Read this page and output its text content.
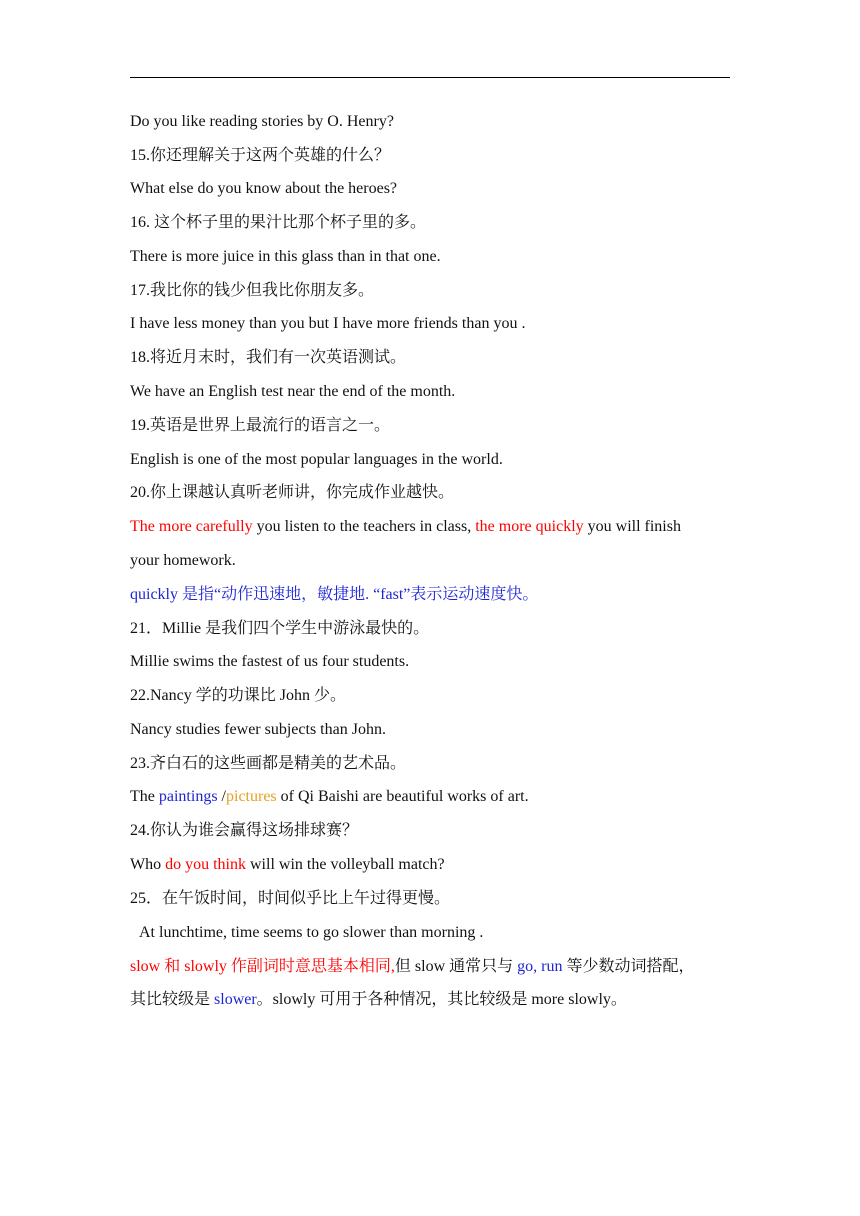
Do you like reading stories by O. Henry?
15.你还理解关于这两个英雄的什么？
What else do you know about the heroes?
16. 这个杯子里的果汁比那个杯子里的多。
There is more juice in this glass than in that one.
17.我比你的钱少但我比你朋友多。
I have less money than you but I have more friends than you .
18.将近月末时，我们有一次英语测试。
We have an English test near the end of the month.
19.英语是世界上最流行的语言之一。
English is one of the most popular languages in the world.
20.你上课越认真听老师讲，你完成作业越快。
The more carefully you listen to the teachers in class, the more quickly you will finish
your homework.
quickly 是指“动作迅速地，敏捷地. “fast”表示运动速度快。
21．Millie 是我们四个学生中游泳最快的。
Millie swims the fastest of us four students.
22.Nancy 学的功课比 John 少。
Nancy studies fewer subjects than John.
23.齐白石的这些画都是精美的艺术品。
The paintings /pictures of Qi Baishi are beautiful works of art.
24.你认为谁会赢得这场排球赛？
Who do you think will win the volleyball match?
25．在午饭时间，时间似乎比上午过得更慢。
At lunchtime, time seems to go slower than morning .
slow 和 slowly 作副词时意思基本相同,但 slow 通常只与 go, run 等少数动词搭配，
其比较级是 slower。slowly 可用于各种情况，其比较级是 more slowly。
